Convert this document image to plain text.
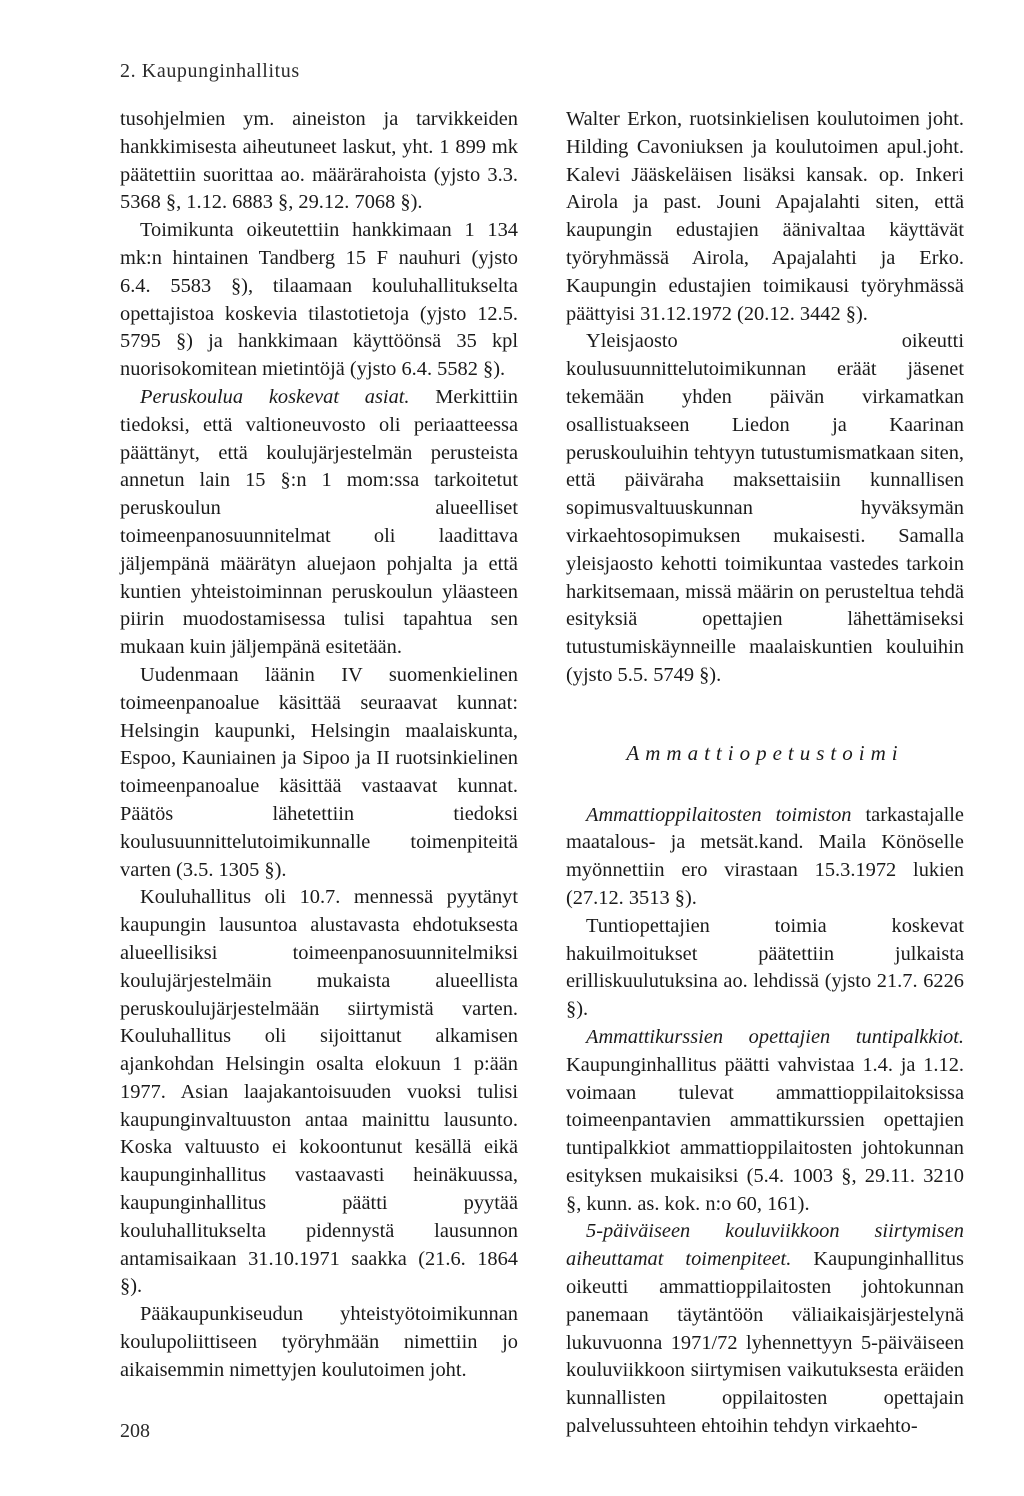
2. Kaupunginhallitus

tusohjelmien ym. aineiston ja tarvikkeiden hankkimisesta aiheutuneet laskut, yht. 1 899 mk päätettiin suorittaa ao. määrärahoista (yjsto 3.3. 5368 §, 1.12. 6883 §, 29.12. 7068 §).

Toimikunta oikeutettiin hankkimaan 1 134 mk:n hintainen Tandberg 15 F nauhuri (yjsto 6.4. 5583 §), tilaamaan kouluhallitukselta opettajistoa koskevia tilastotietoja (yjsto 12.5. 5795 §) ja hankkimaan käyttöönsä 35 kpl nuorisokomitean mietintöjä (yjsto 6.4. 5582 §).

Peruskoulua koskevat asiat. Merkittiin tiedoksi, että valtioneuvosto oli periaatteessa päättänyt, että koulujärjestelmän perusteista annetun lain 15 §:n 1 mom:ssa tarkoitetut peruskoulun alueelliset toimeenpanosuunnitelmat oli laadittava jäljempänä määrätyn aluejaon pohjalta ja että kuntien yhteistoiminnan peruskoulun yläasteen piirin muodostamisessa tulisi tapahtua sen mukaan kuin jäljempänä esitetään.

Uudenmaan läänin IV suomenkielinen toimeenpanoalue käsittää seuraavat kunnat: Helsingin kaupunki, Helsingin maalaiskunta, Espoo, Kauniainen ja Sipoo ja II ruotsinkielinen toimeenpanoalue käsittää vastaavat kunnat. Päätös lähetettiin tiedoksi koulusuunnittelutoimikunnalle toimenpiteitä varten (3.5. 1305 §).

Kouluhallitus oli 10.7. mennessä pyytänyt kaupungin lausuntoa alustavasta ehdotuksesta alueellisiksi toimeenpanosuunnitelmiksi koulujärjestelmäin mukaista alueellista peruskoulujärjestelmään siirtymistä varten. Kouluhallitus oli sijoittanut alkamisen ajankohdan Helsingin osalta elokuun 1 p:ään 1977. Asian laajakantoisuuden vuoksi tulisi kaupunginvaltuuston antaa mainittu lausunto. Koska valtuusto ei kokoontunut kesällä eikä kaupunginhallitus vastaavasti heinäkuussa, kaupunginhallitus päätti pyytää kouluhallitukselta pidennystä lausunnon antamisaikaan 31.10.1971 saakka (21.6. 1864 §).

Pääkaupunkiseudun yhteistyötoimikunnan koulupoliittiseen työryhmään nimettiin jo aikaisemmin nimettyjen koulutoimen joht.

Walter Erkon, ruotsinkielisen koulutoimen joht. Hilding Cavoniuksen ja koulutoimen apul.joht. Kalevi Jääskeläisen lisäksi kansak. op. Inkeri Airola ja past. Jouni Apajalahti siten, että kaupungin edustajien äänivaltaa käyttävät työryhmässä Airola, Apajalahti ja Erko. Kaupungin edustajien toimikausi työryhmässä päättyisi 31.12.1972 (20.12. 3442 §).

Yleisjaosto oikeutti koulusuunnittelutoimikunnan eräät jäsenet tekemään yhden päivän virkamatkan osallistuakseen Liedon ja Kaarinan peruskouluihin tehtyyn tutustumismatkaan siten, että päiväraha maksettaisiin kunnallisen sopimusvaltuuskunnan hyväksymän virkaehtosopimuksen mukaisesti. Samalla yleisjaosto kehotti toimikuntaa vastedes tarkoin harkitsemaan, missä määrin on perusteltua tehdä esityksiä opettajien lähettämiseksi tutustumiskäynneille maalaiskuntien kouluihin (yjsto 5.5. 5749 §).

Ammattiopetustoimi

Ammattioppilaitosten toimiston tarkastajalle maatalous- ja metsät.kand. Maila Könöselle myönnettiin ero virastaan 15.3.1972 lukien (27.12. 3513 §).

Tuntiopettajien toimia koskevat hakuilmoitukset päätettiin julkaista erilliskuulutuksina ao. lehdissä (yjsto 21.7. 6226 §).

Ammattikurssien opettajien tuntipalkkiot. Kaupunginhallitus päätti vahvistaa 1.4. ja 1.12. voimaan tulevat ammattioppilaitoksissa toimeenpantavien ammattikurssien opettajien tuntipalkkiot ammattioppilaitosten johtokunnan esityksen mukaisiksi (5.4. 1003 §, 29.11. 3210 §, kunn. as. kok. n:o 60, 161).

5-päiväiseen kouluviikkoon siirtymisen aiheuttamat toimenpiteet. Kaupunginhallitus oikeutti ammattioppilaitosten johtokunnan panemaan täytäntöön väliaikaisjärjestelynä lukuvuonna 1971/72 lyhennettyyn 5-päiväiseen kouluviikkoon siirtymisen vaikutuksesta eräiden kunnallisten oppilaitosten opettajain palvelussuhteen ehtoihin tehdyn virkaehto-

208
